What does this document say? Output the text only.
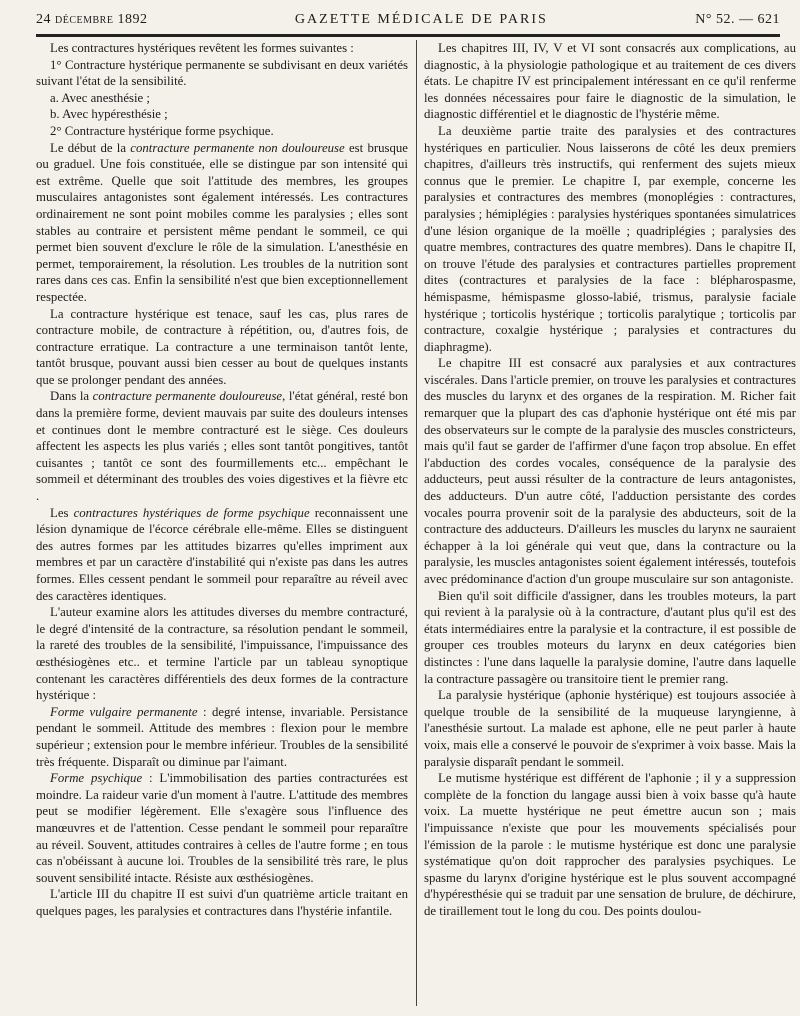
24 décembre 1892	GAZETTE MÉDICALE DE PARIS	N° 52. — 621

Les contractures hystériques revêtent les formes suivantes :

1° Contracture hystérique permanente se subdivisant en deux variétés suivant l'état de la sensibilité.

a. Avec anesthésie ;

b. Avec hypéresthésie ;

2° Contracture hystérique forme psychique.

Le début de la contracture permanente non douloureuse est brusque ou graduel. Une fois constituée, elle se distingue par son intensité qui est extrême. Quelle que soit l'attitude des membres, les groupes musculaires antagonistes sont également intéressés. Les contractures ordinairement ne sont point mobiles comme les paralysies ; elles sont stables au contraire et persistent même pendant le sommeil, ce qui permet bien souvent d'exclure le rôle de la simulation. L'anesthésie en permet, temporairement, la résolution. Les troubles de la nutrition sont rares dans ces cas. Enfin la sensibilité n'est que bien exceptionnellement respectée.

La contracture hystérique est tenace, sauf les cas, plus rares de contracture mobile, de contracture à répétition, ou, d'autres fois, de contracture erratique. La contracture a une terminaison tantôt lente, tantôt brusque, pouvant aussi bien cesser au bout de quelques instants que se prolonger pendant des années.

Dans la contracture permanente douloureuse, l'état général, resté bon dans la première forme, devient mauvais par suite des douleurs intenses et continues dont le membre contracturé est le siège. Ces douleurs affectent les aspects les plus variés ; elles sont tantôt pongitives, tantôt cuisantes ; tantôt ce sont des fourmillements etc... empêchant le sommeil et déterminant des troubles des voies digestives et la fièvre etc .

Les contractures hystériques de forme psychique reconnaissent une lésion dynamique de l'écorce cérébrale elle-même. Elles se distinguent des autres formes par les attitudes bizarres qu'elles impriment aux membres et par un caractère d'instabilité qui n'existe pas dans les autres formes. Elles cessent pendant le sommeil pour reparaître au réveil avec des caractères identiques.

L'auteur examine alors les attitudes diverses du membre contracturé, le degré d'intensité de la contracture, sa résolution pendant le sommeil, la rareté des troubles de la sensibilité, l'impuissance, l'impuissance des œsthésiogènes etc.. et termine l'article par un tableau synoptique contenant les caractères différentiels des deux formes de la contracture hystérique :

Forme vulgaire permanente : degré intense, invariable. Persistance pendant le sommeil. Attitude des membres : flexion pour le membre supérieur ; extension pour le membre inférieur. Troubles de la sensibilité très fréquente. Disparaît ou diminue par l'aimant.

Forme psychique : L'immobilisation des parties contracturées est moindre. La raideur varie d'un moment à l'autre. L'attitude des membres peut se modifier légèrement. Elle s'exagère sous l'influence des manœuvres et de l'attention. Cesse pendant le sommeil pour reparaître au réveil. Souvent, attitudes contraires à celles de l'autre forme ; en tous cas n'obéissant à aucune loi. Troubles de la sensibilité très rare, le plus souvent sensibilité intacte. Résiste aux œsthésiogènes.

L'article III du chapitre II est suivi d'un quatrième article traitant en quelques pages, les paralysies et contractures dans l'hystérie infantile.

Les chapitres III, IV, V et VI sont consacrés aux complications, au diagnostic, à la physiologie pathologique et au traitement de ces divers états. Le chapitre IV est principalement intéressant en ce qu'il renferme les données nécessaires pour faire le diagnostic de la simulation, le diagnostic différentiel et le diagnostic de l'hystérie même.

La deuxième partie traite des paralysies et des contractures hystériques en particulier. Nous laisserons de côté les deux premiers chapitres, d'ailleurs très instructifs, qui renferment des sujets mieux connus que le premier. Le chapitre I, par exemple, concerne les paralysies et contractures des membres (monoplégies : contractures, paralysies ; hémiplégies : paralysies hystériques spontanées simulatrices d'une lésion organique de la moëlle ; quadriplégies ; paralysies des quatre membres, contractures des quatre membres). Dans le chapitre II, on trouve l'étude des paralysies et contractures partielles proprement dites (contractures et paralysies de la face : blépharospasme, hémispasme, hémispasme glosso-labié, trismus, paralysie faciale hystérique ; torticolis hystérique ; torticolis paralytique ; torticolis par contracture, coxalgie hystérique ; paralysies et contractures du diaphragme).

Le chapitre III est consacré aux paralysies et aux contractures viscérales. Dans l'article premier, on trouve les paralysies et contractures des muscles du larynx et des organes de la respiration. M. Richer fait remarquer que la plupart des cas d'aphonie hystérique ont été mis par des observateurs sur le compte de la paralysie des muscles constricteurs, mais qu'il faut se garder de l'affirmer d'une façon trop absolue. En effet l'abduction des cordes vocales, conséquence de la paralysie des adducteurs, peut aussi résulter de la contracture de leurs antagonistes, des adducteurs. D'un autre côté, l'adduction persistante des cordes vocales pourra provenir soit de la paralysie des abducteurs, soit de la contracture des adducteurs. D'ailleurs les muscles du larynx ne sauraient échapper à la loi générale qui veut que, dans la contracture ou la paralysie, les muscles antagonistes soient également intéressés, toutefois avec prédominance d'action d'un groupe musculaire sur son antagoniste.

Bien qu'il soit difficile d'assigner, dans les troubles moteurs, la part qui revient à la paralysie où à la contracture, d'autant plus qu'il est des états intermédiaires entre la paralysie et la contracture, il est possible de grouper ces troubles moteurs du larynx en deux catégories bien distinctes : l'une dans laquelle la paralysie domine, l'autre dans laquelle la contracture passagère ou transitoire tient le premier rang.

La paralysie hystérique (aphonie hystérique) est toujours associée à quelque trouble de la sensibilité de la muqueuse laryngienne, à l'anesthésie surtout. La malade est aphone, elle ne peut parler à haute voix, mais elle a conservé le pouvoir de s'exprimer à voix basse. Mais la paralysie disparaît pendant le sommeil.

Le mutisme hystérique est différent de l'aphonie ; il y a suppression complète de la fonction du langage aussi bien à voix basse qu'à haute voix. La muette hystérique ne peut émettre aucun son ; mais l'impuissance n'existe que pour les mouvements spécialisés pour l'émission de la parole : le mutisme hystérique est donc une paralysie systématique qu'on doit rapprocher des paralysies psychiques. Le spasme du larynx d'origine hystérique est le plus souvent accompagné d'hypéresthésie qui se traduit par une sensation de brulure, de déchirure, de tiraillement tout le long du cou. Des points doulou-
